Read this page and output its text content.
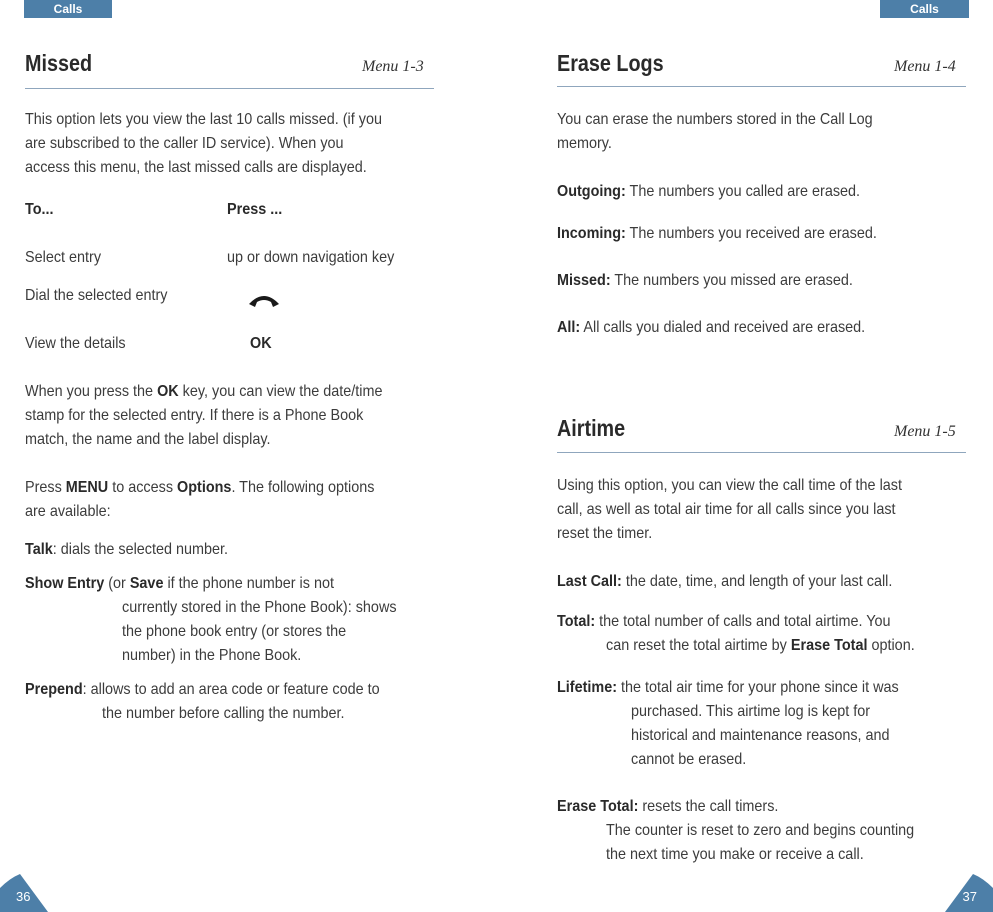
Calls	Calls
Missed	Menu 1-3
This option lets you view the last 10 calls missed. (if you
are subscribed to the caller ID service). When you
access this menu, the last missed calls are displayed.
To...	Press ...
Select entry	up or down navigation key
Dial the selected entry
View the details	OK
When you press the OK key, you can view the date/time
stamp for the selected entry. If there is a Phone Book
match, the name and the label display.
Press MENU to access Options. The following options
are available:
Talk: dials the selected number.
Show Entry (or Save if the phone number is not
currently stored in the Phone Book): shows
the phone book entry (or stores the
number) in the Phone Book.
Prepend: allows to add an area code or feature code to
the number before calling the number.
36
Erase Logs	Menu 1-4
You can erase the numbers stored in the Call Log
memory.
Outgoing: The numbers you called are erased.
Incoming: The numbers you received are erased.
Missed: The numbers you missed are erased.
All: All calls you dialed and received are erased.
Airtime	Menu 1-5
Using this option, you can view the call time of the last
call, as well as total air time for all calls since you last
reset the timer.
Last Call: the date, time, and length of your last call.
Total: the total number of calls and total airtime. You
can reset the total airtime by Erase Total option.
Lifetime: the total air time for your phone since it was
purchased. This airtime log is kept for
historical and maintenance reasons, and
cannot be erased.
Erase Total: resets the call timers.
The counter is reset to zero and begins counting
the next time you make or receive a call.
37
